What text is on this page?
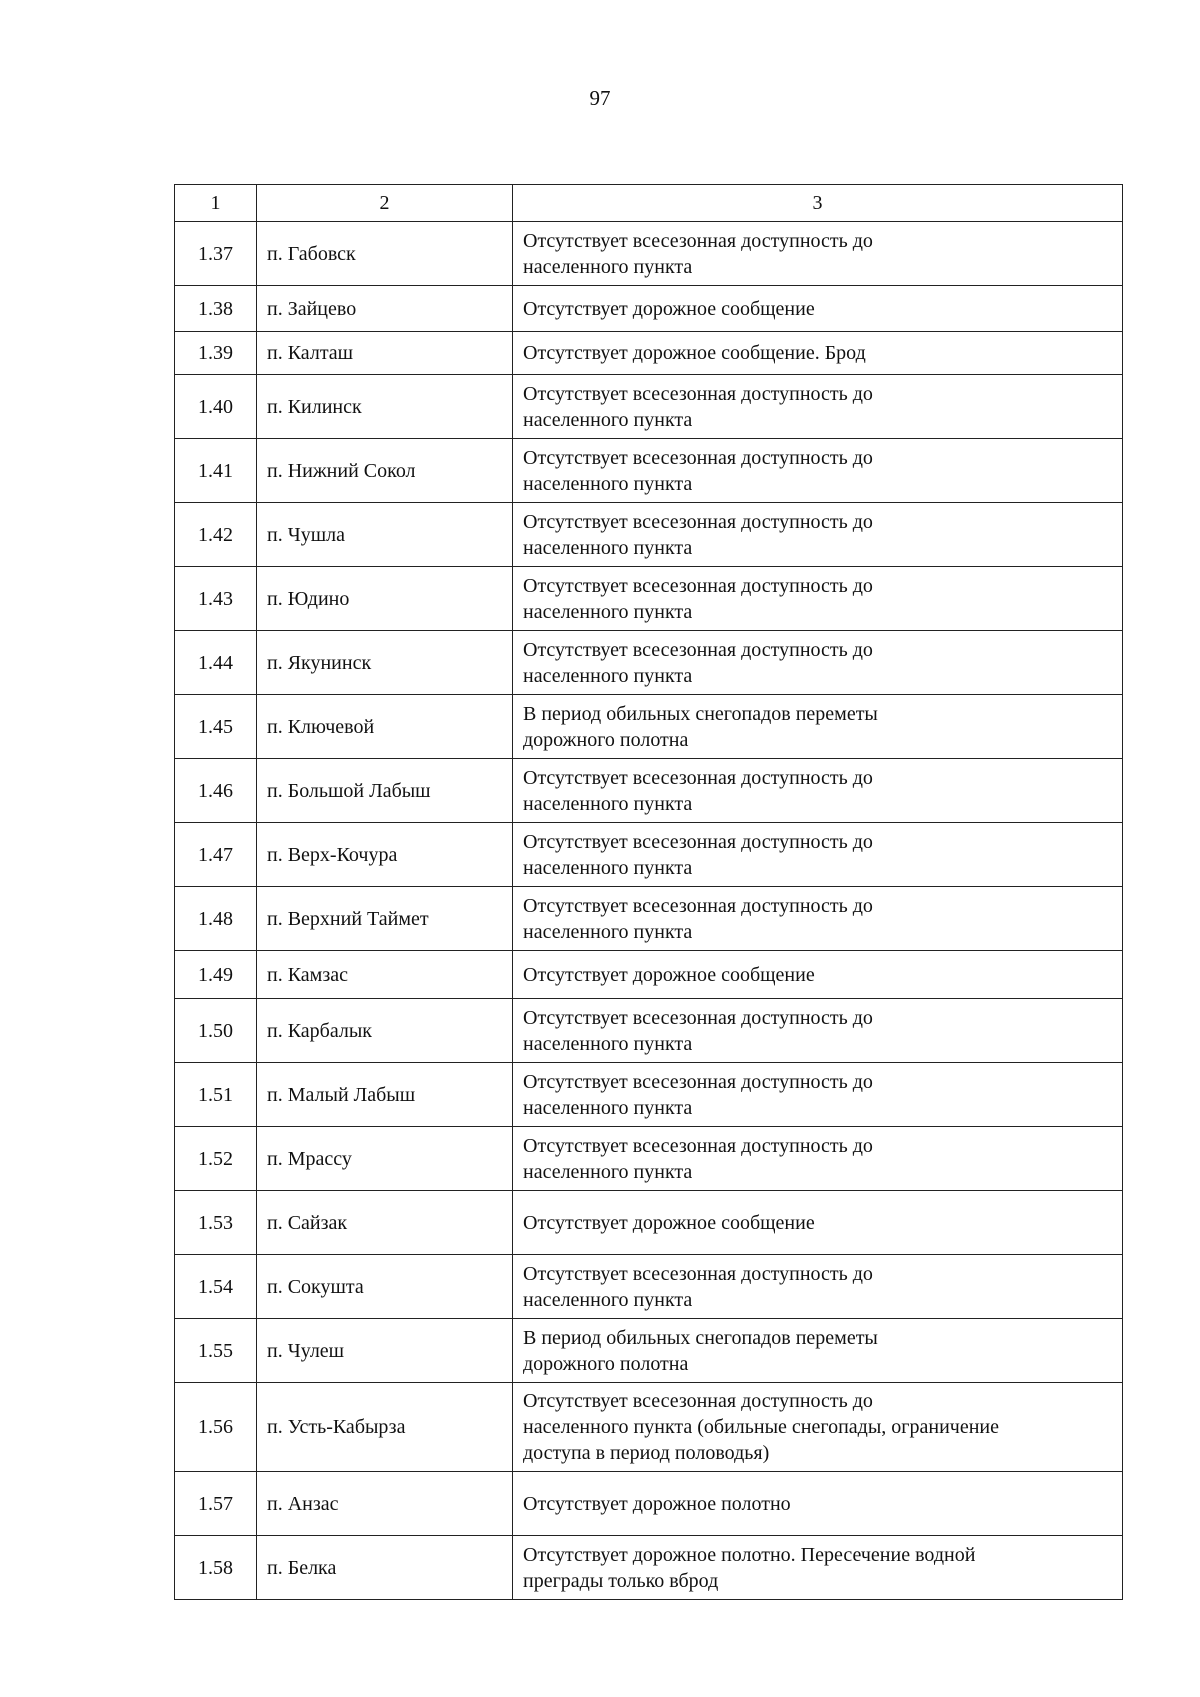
97
1	2	3
1.37	п. Габовск	Отсутствует всесезонная доступность до
населенного пункта
1.38	п. Зайцево	Отсутствует дорожное сообщение
1.39	п. Калташ	Отсутствует дорожное сообщение. Брод
1.40	п. Килинск	Отсутствует всесезонная доступность до
населенного пункта
1.41	п. Нижний Сокол	Отсутствует всесезонная доступность до
населенного пункта
1.42	п. Чушла	Отсутствует всесезонная доступность до
населенного пункта
1.43	п. Юдино	Отсутствует всесезонная доступность до
населенного пункта
1.44	п. Якунинск	Отсутствует всесезонная доступность до
населенного пункта
1.45	п. Ключевой	В период обильных снегопадов переметы
дорожного полотна
1.46	п. Большой Лабыш	Отсутствует всесезонная доступность до
населенного пункта
1.47	п. Верх-Кочура	Отсутствует всесезонная доступность до
населенного пункта
1.48	п. Верхний Таймет	Отсутствует всесезонная доступность до
населенного пункта
1.49	п. Камзас	Отсутствует дорожное сообщение
1.50	п. Карбалык	Отсутствует всесезонная доступность до
населенного пункта
1.51	п. Малый Лабыш	Отсутствует всесезонная доступность до
населенного пункта
1.52	п. Мрассу	Отсутствует всесезонная доступность до
населенного пункта
1.53	п. Сайзак	Отсутствует дорожное сообщение
1.54	п. Сокушта	Отсутствует всесезонная доступность до
населенного пункта
1.55	п. Чулеш	В период обильных снегопадов переметы
дорожного полотна
1.56	п. Усть-Кабырза	Отсутствует всесезонная доступность до
населенного пункта (обильные снегопады, ограничение
доступа в период половодья)
1.57	п. Анзас	Отсутствует дорожное полотно
1.58	п. Белка	Отсутствует дорожное полотно. Пересечение водной
преграды только вброд
